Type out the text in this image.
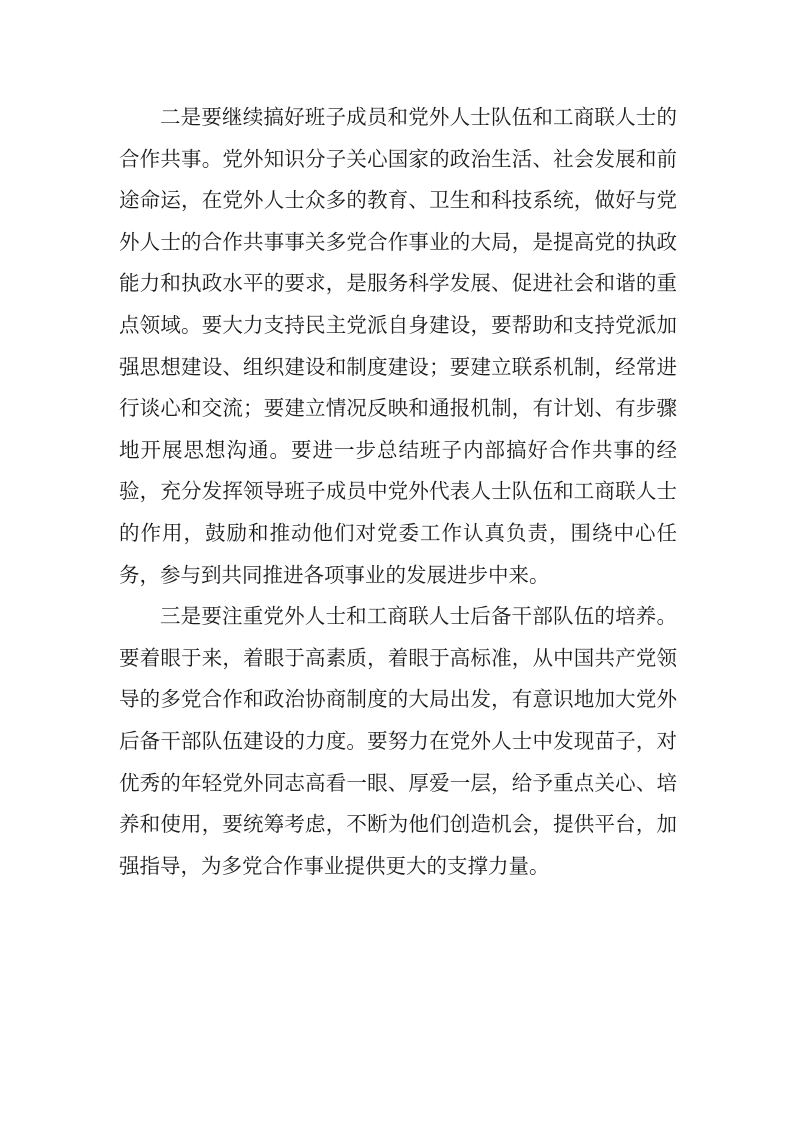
二是要继续搞好班子成员和党外人士队伍和工商联人士的合作共事。党外知识分子关心国家的政治生活、社会发展和前途命运，在党外人士众多的教育、卫生和科技系统，做好与党外人士的合作共事事关多党合作事业的大局，是提高党的执政能力和执政水平的要求，是服务科学发展、促进社会和谐的重点领域。要大力支持民主党派自身建设，要帮助和支持党派加强思想建设、组织建设和制度建设；要建立联系机制，经常进行谈心和交流；要建立情况反映和通报机制，有计划、有步骤地开展思想沟通。要进一步总结班子内部搞好合作共事的经验，充分发挥领导班子成员中党外代表人士队伍和工商联人士的作用，鼓励和推动他们对党委工作认真负责，围绕中心任务，参与到共同推进各项事业的发展进步中来。

三是要注重党外人士和工商联人士后备干部队伍的培养。要着眼于来，着眼于高素质，着眼于高标准，从中国共产党领导的多党合作和政治协商制度的大局出发，有意识地加大党外后备干部队伍建设的力度。要努力在党外人士中发现苗子，对优秀的年轻党外同志高看一眼、厚爱一层，给予重点关心、培养和使用，要统筹考虑，不断为他们创造机会，提供平台，加强指导，为多党合作事业提供更大的支撑力量。
